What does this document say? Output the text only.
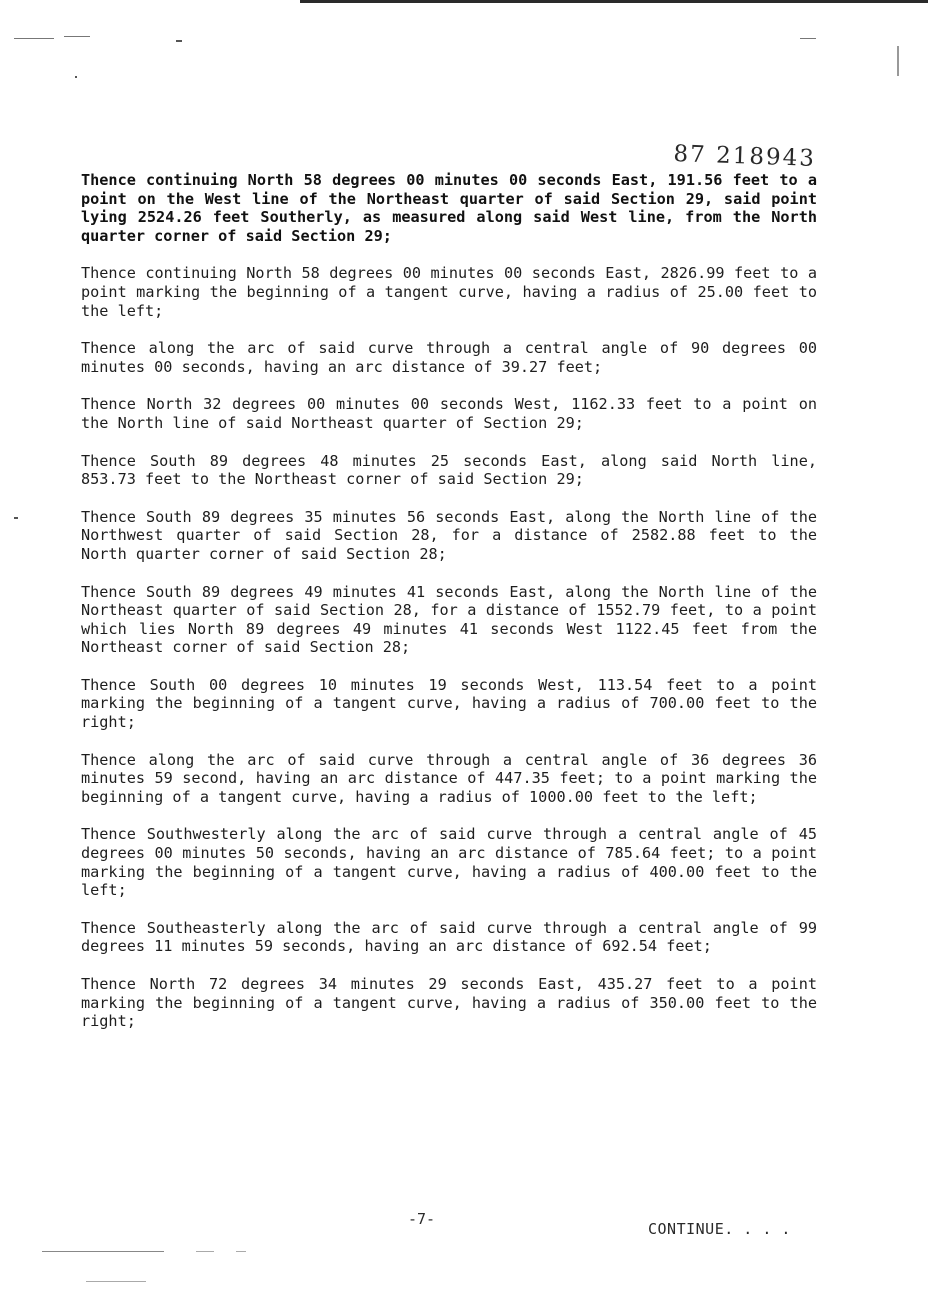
87 218943

Thence continuing North 58 degrees 00 minutes 00 seconds East, 191.56 feet to a point on the West line of the Northeast quarter of said Section 29, said point lying 2524.26 feet Southerly, as measured along said West line, from the North quarter corner of said Section 29;

Thence continuing North 58 degrees 00 minutes 00 seconds East, 2826.99 feet to a point marking the beginning of a tangent curve, having a radius of 25.00 feet to the left;

Thence along the arc of said curve through a central angle of 90 degrees 00 minutes 00 seconds, having an arc distance of 39.27 feet;

Thence North 32 degrees 00 minutes 00 seconds West, 1162.33 feet to a point on the North line of said Northeast quarter of Section 29;

Thence South 89 degrees 48 minutes 25 seconds East, along said North line, 853.73 feet to the Northeast corner of said Section 29;

Thence South 89 degrees 35 minutes 56 seconds East, along the North line of the Northwest quarter of said Section 28, for a distance of 2582.88 feet to the North quarter corner of said Section 28;

Thence South 89 degrees 49 minutes 41 seconds East, along the North line of the Northeast quarter of said Section 28, for a distance of 1552.79 feet, to a point which lies North 89 degrees 49 minutes 41 seconds West 1122.45 feet from the Northeast corner of said Section 28;

Thence South 00 degrees 10 minutes 19 seconds West, 113.54 feet to a point marking the beginning of a tangent curve, having a radius of 700.00 feet to the right;

Thence along the arc of said curve through a central angle of 36 degrees 36 minutes 59 second, having an arc distance of 447.35 feet; to a point marking the beginning of a tangent curve, having a radius of 1000.00 feet to the left;

Thence Southwesterly along the arc of said curve through a central angle of 45 degrees 00 minutes 50 seconds, having an arc distance of 785.64 feet; to a point marking the beginning of a tangent curve, having a radius of 400.00 feet to the left;

Thence Southeasterly along the arc of said curve through a central angle of 99 degrees 11 minutes 59 seconds, having an arc distance of 692.54 feet;

Thence North 72 degrees 34 minutes 29 seconds East, 435.27 feet to a point marking the beginning of a tangent curve, having a radius of 350.00 feet to the right;

-7-
CONTINUE. . . .
